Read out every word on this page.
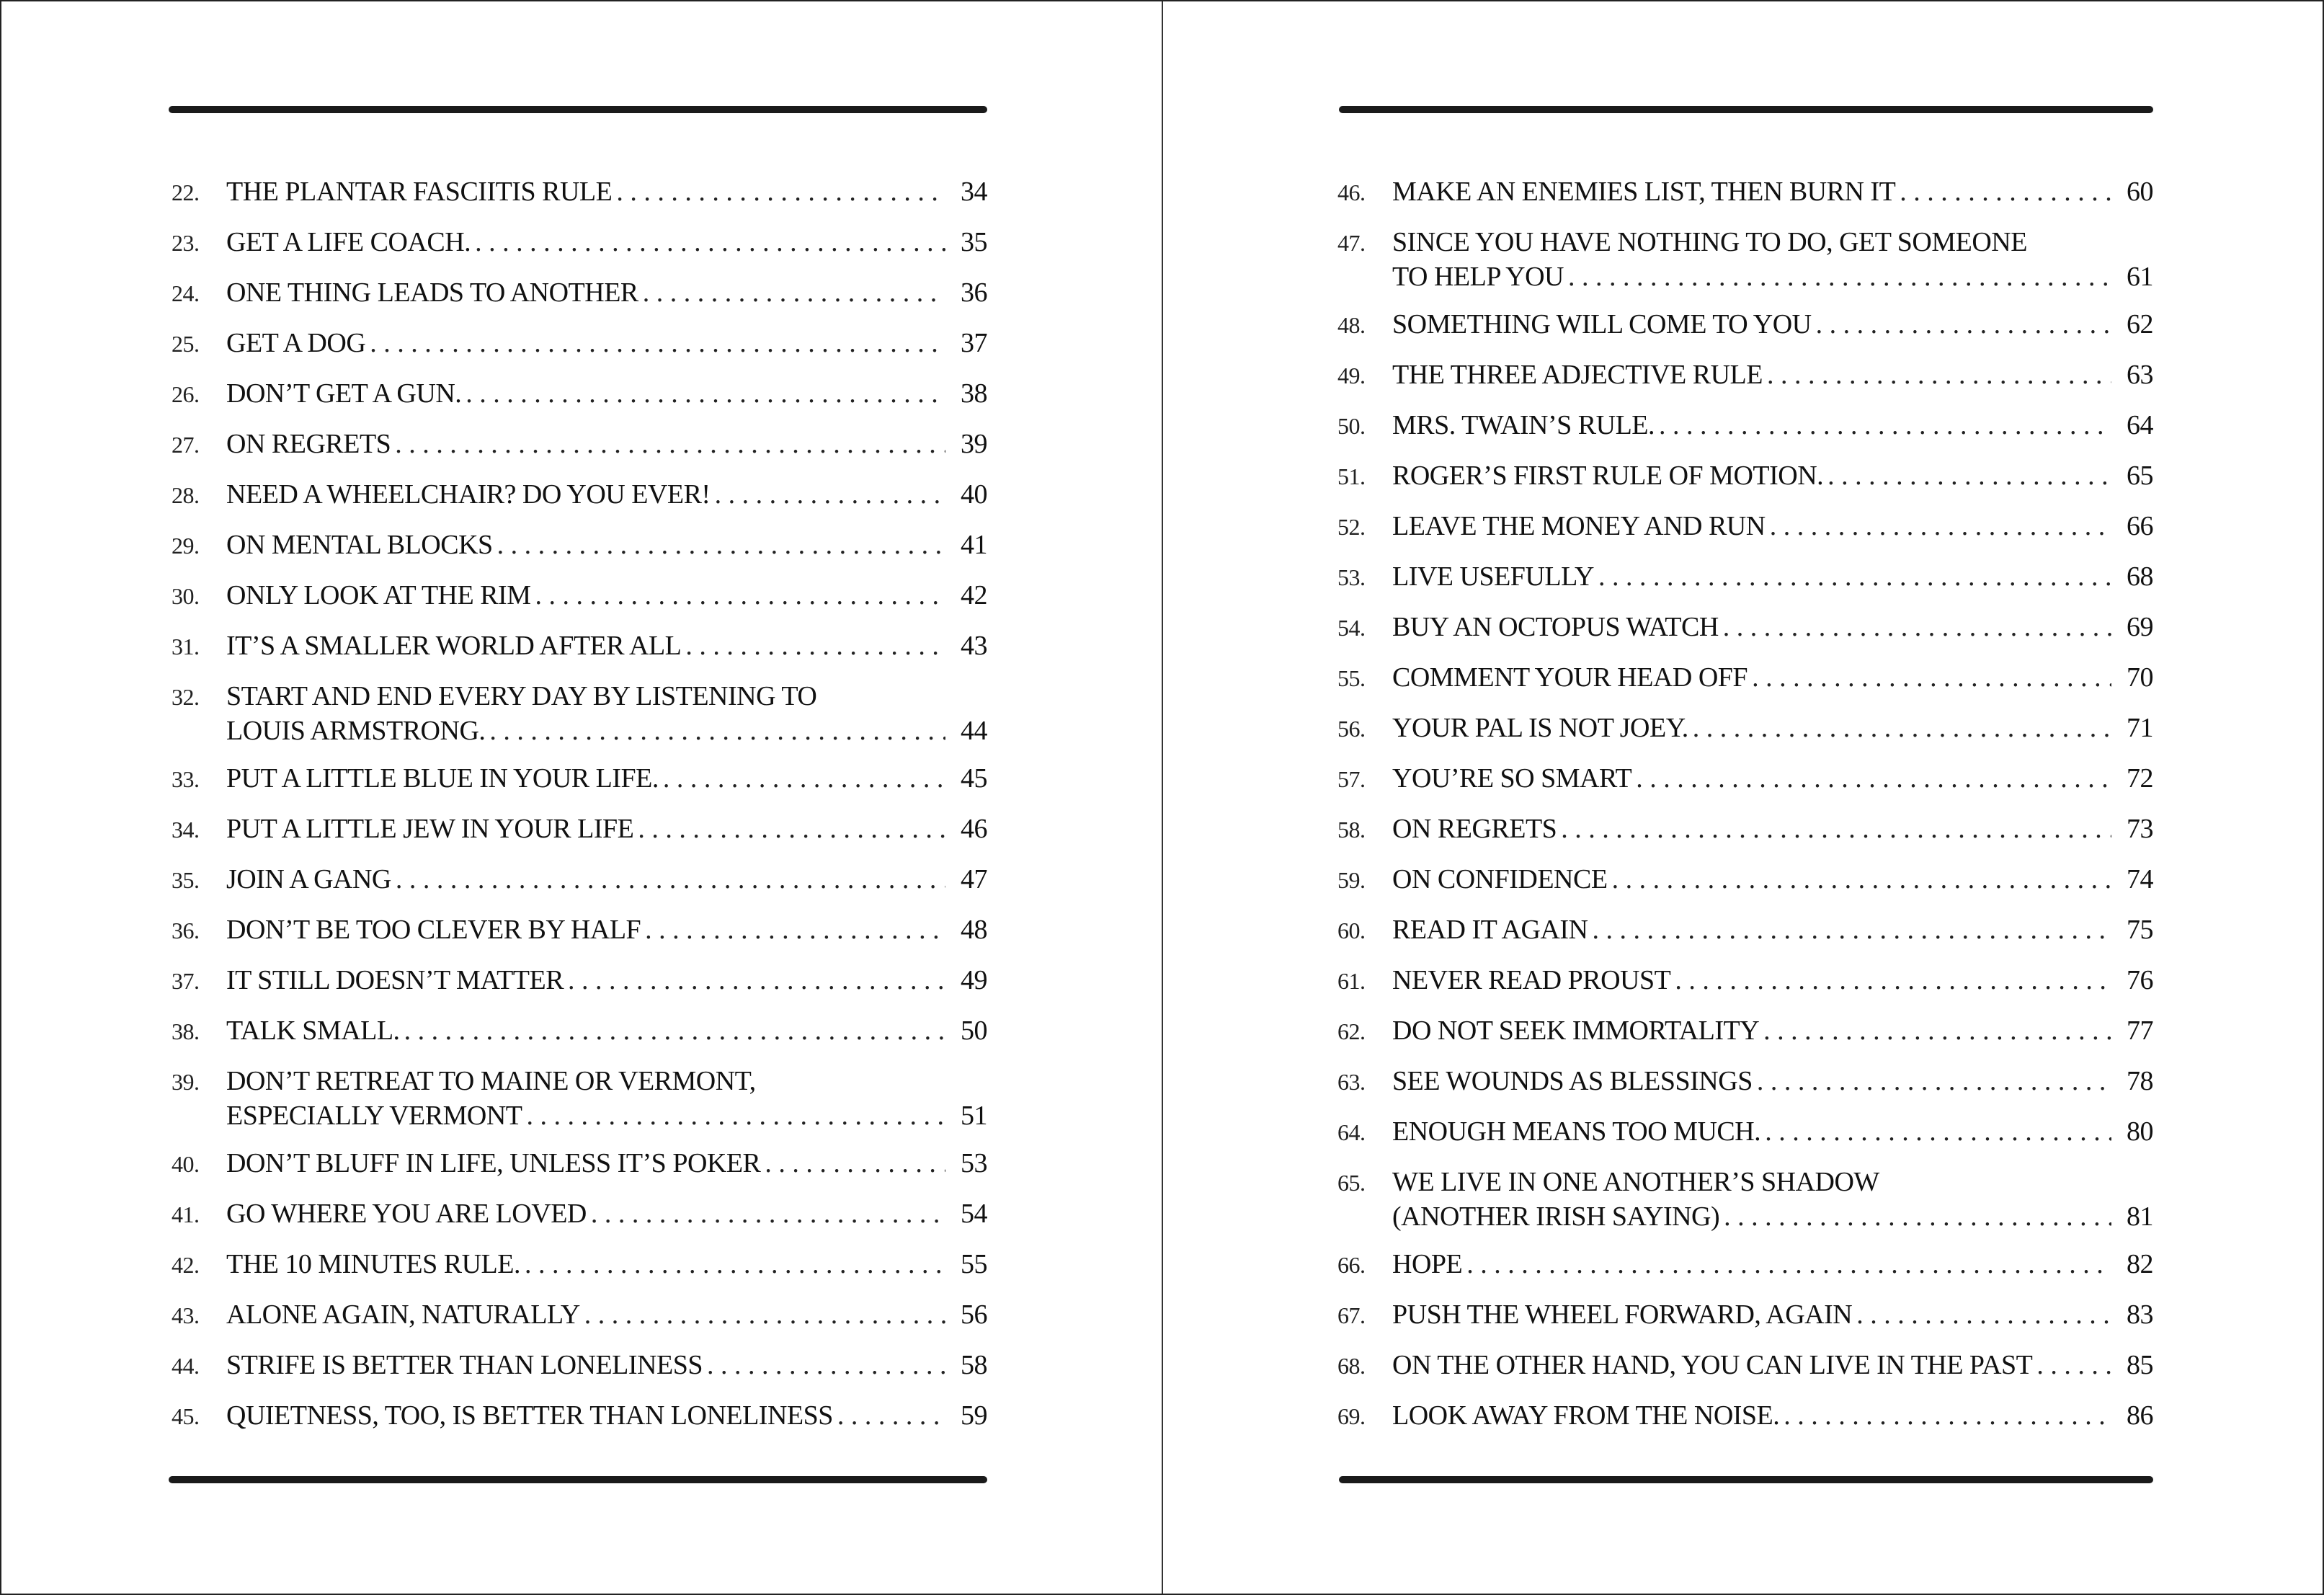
22. THE PLANTAR FASCIITIS RULE . . .	34
23. GET A LIFE COACH. . . .	35
24. ONE THING LEADS TO ANOTHER . . .	36
25. GET A DOG . . .	37
26. DON’T GET A GUN. . . .	38
27. ON REGRETS . . .	39
28. NEED A WHEELCHAIR? DO YOU EVER! . . .	40
29. ON MENTAL BLOCKS . . .	41
30. ONLY LOOK AT THE RIM . . .	42
31. IT’S A SMALLER WORLD AFTER ALL . . .	43
32. START AND END EVERY DAY BY LISTENING TO
LOUIS ARMSTRONG. . . .	44
33. PUT A LITTLE BLUE IN YOUR LIFE. . . .	45
34. PUT A LITTLE JEW IN YOUR LIFE . . .	46
35. JOIN A GANG . . .	47
36. DON’T BE TOO CLEVER BY HALF . . .	48
37. IT STILL DOESN’T MATTER . . .	49
38. TALK SMALL. . . .	50
39. DON’T RETREAT TO MAINE OR VERMONT,
ESPECIALLY VERMONT . . .	51
40. DON’T BLUFF IN LIFE, UNLESS IT’S POKER . . .	53
41. GO WHERE YOU ARE LOVED . . .	54
42. THE 10 MINUTES RULE. . . .	55
43. ALONE AGAIN, NATURALLY . . .	56
44. STRIFE IS BETTER THAN LONELINESS . . .	58
45. QUIETNESS, TOO, IS BETTER THAN LONELINESS . . .	59
46. MAKE AN ENEMIES LIST, THEN BURN IT . . .	60
47. SINCE YOU HAVE NOTHING TO DO, GET SOMEONE
TO HELP YOU . . .	61
48. SOMETHING WILL COME TO YOU . . .	62
49. THE THREE ADJECTIVE RULE . . .	63
50. MRS. TWAIN’S RULE. . . .	64
51. ROGER’S FIRST RULE OF MOTION. . . .	65
52. LEAVE THE MONEY AND RUN . . .	66
53. LIVE USEFULLY . . .	68
54. BUY AN OCTOPUS WATCH . . .	69
55. COMMENT YOUR HEAD OFF . . .	70
56. YOUR PAL IS NOT JOEY. . . .	71
57. YOU’RE SO SMART . . .	72
58. ON REGRETS . . .	73
59. ON CONFIDENCE . . .	74
60. READ IT AGAIN . . .	75
61. NEVER READ PROUST . . .	76
62. DO NOT SEEK IMMORTALITY . . .	77
63. SEE WOUNDS AS BLESSINGS . . .	78
64. ENOUGH MEANS TOO MUCH. . . .	80
65. WE LIVE IN ONE ANOTHER’S SHADOW
(ANOTHER IRISH SAYING) . . .	81
66. HOPE . . .	82
67. PUSH THE WHEEL FORWARD, AGAIN . . .	83
68. ON THE OTHER HAND, YOU CAN LIVE IN THE PAST . . .	85
69. LOOK AWAY FROM THE NOISE. . . .	86
